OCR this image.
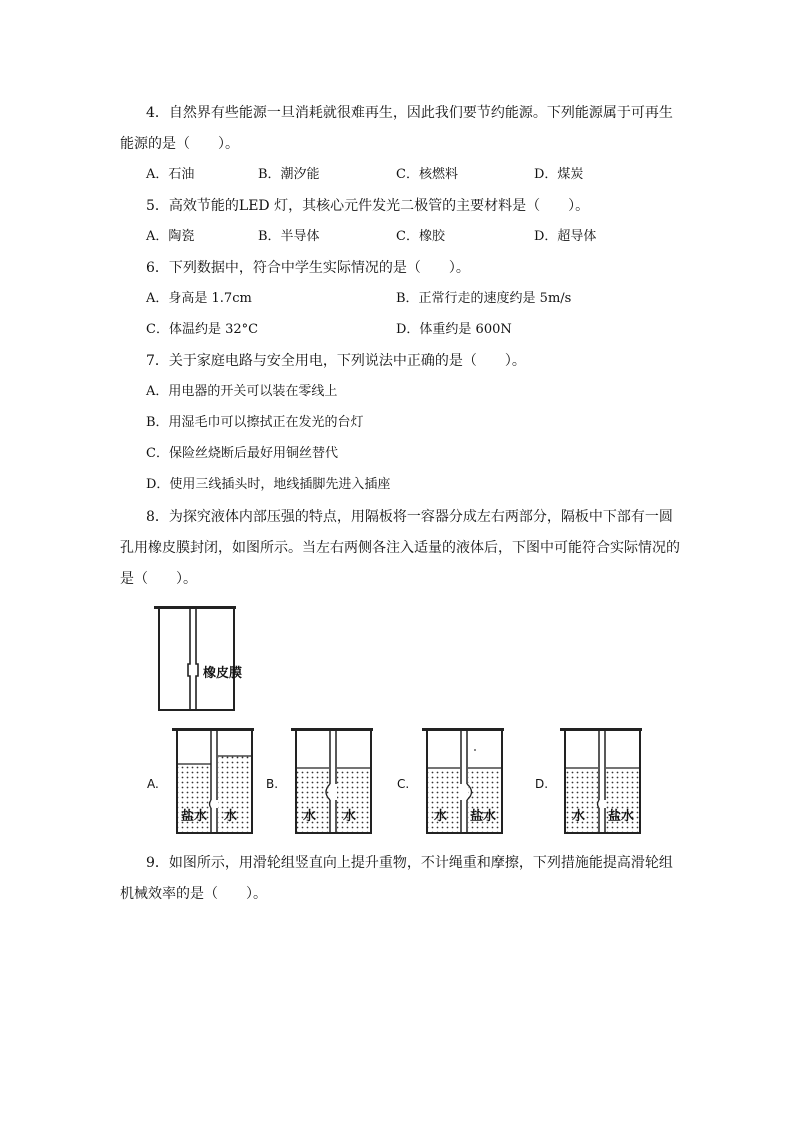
4．自然界有些能源一旦消耗就很难再生，因此我们要节约能源。下列能源属于可再生
能源的是（　　）。
A．石油	B．潮汐能	C．核燃料	D．煤炭
5．高效节能的LED 灯，其核心元件发光二极管的主要材料是（　　）。
A．陶瓷	B．半导体	C．橡胶	D．超导体
6．下列数据中，符合中学生实际情况的是（　　）。
A．身高是 1.7cm	B．正常行走的速度约是 5m/s
C．体温约是 32°C	D．体重约是 600N
7．关于家庭电路与安全用电，下列说法中正确的是（　　）。
A．用电器的开关可以装在零线上
B．用湿毛巾可以擦拭正在发光的台灯
C．保险丝烧断后最好用铜丝替代
D．使用三线插头时，地线插脚先进入插座
8．为探究液体内部压强的特点，用隔板将一容器分成左右两部分，隔板中下部有一圆
孔用橡皮膜封闭，如图所示。当左右两侧各注入适量的液体后，下图中可能符合实际情况的
是（　　）。
橡皮膜
A.
盐水 水
B.
水 水
C.
水 盐水
D.
水 盐水
9．如图所示，用滑轮组竖直向上提升重物，不计绳重和摩擦，下列措施能提高滑轮组
机械效率的是（　　）。
